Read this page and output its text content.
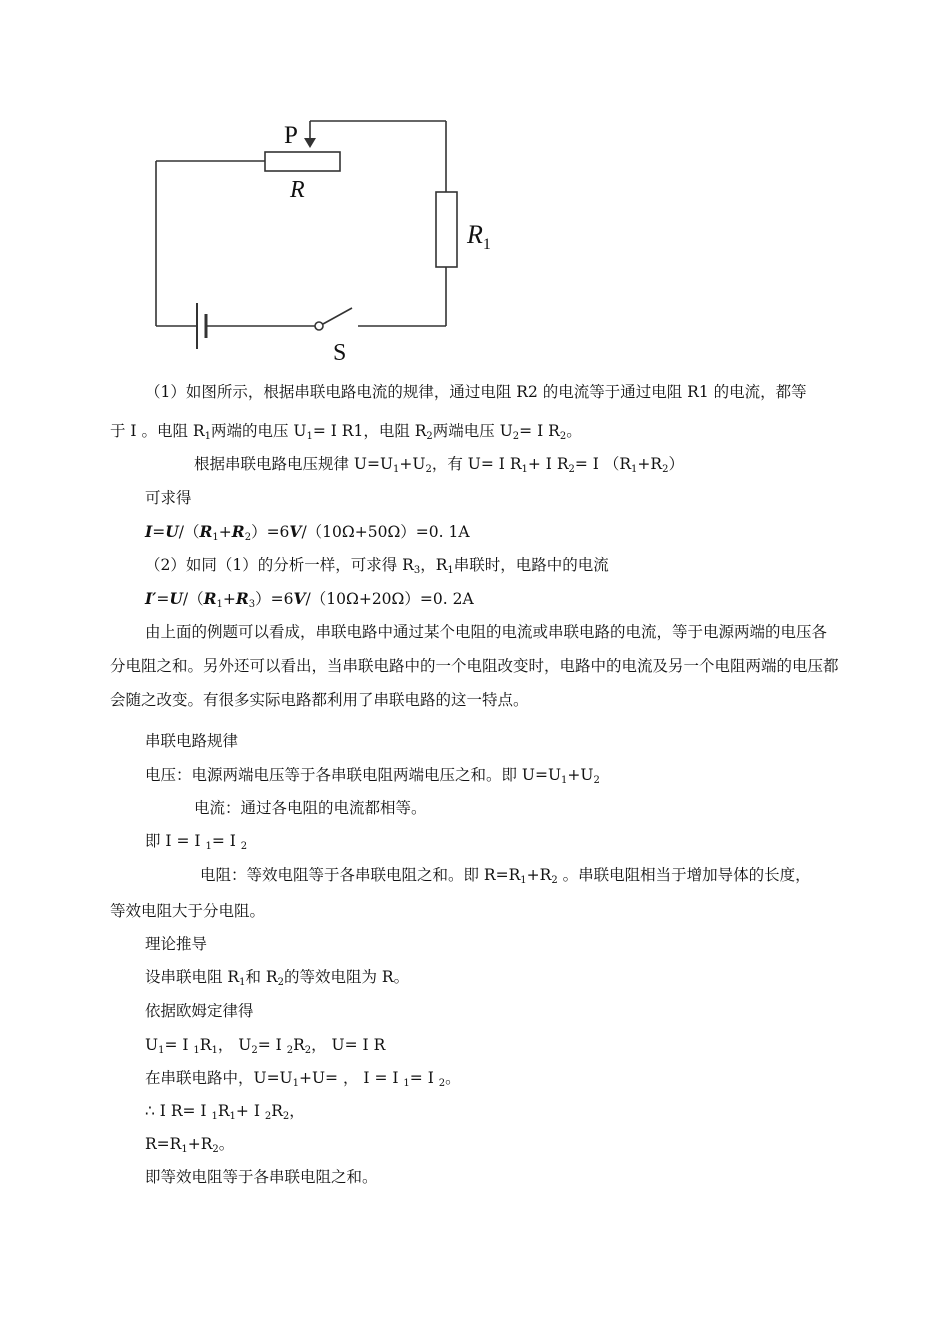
P
R
$R_1$
S
（1）如图所示，根据串联电路电流的规律，通过电阻 R2 的电流等于通过电阻 R1 的电流，都等
于 I 。电阻 $R_1$两端的电压 $U_1= I$ R1，电阻 $R_2$两端电压 $U_2= I$ $R_2$。
根据串联电路电压规律 $U=U_1+U_2$，有 U= I $R_1+ I$ $R_2= I$ $(R_1+R_2)$
可求得
$I=U/(R_1+R_2)=6V/(10\Omega+50\Omega)=0$. 1A
（2）如同（1）的分析一样，可求得 $R_3$，$R_1$串联时，电路中的电流
$I'=U/(R_1+R_3)=6V/(10\Omega+20\Omega)=0$. 2A
由上面的例题可以看成，串联电路中通过某个电阻的电流或串联电路的电流，等于电源两端的电压各分电阻之和。另外还可以看出，当串联电路中的一个电阻改变时，电路中的电流及另一个电阻两端的电压都会随之改变。有很多实际电路都利用了串联电路的这一特点。
串联电路规律
电压：电源两端电压等于各串联电阻两端电压之和。即 $U=U_1+U_2$
电流：通过各电阻的电流都相等。
即 I = I $_1$= I $_2$
电阻：等效电阻等于各串联电阻之和。即 $R=R_1+R_2$ 。串联电阻相当于增加导体的长度，
等效电阻大于分电阻。
理论推导
设串联电阻 $R_1$和 $R_2$的等效电阻为 R。
依据欧姆定律得
$U_1= I$ $_1R_1$， $U_2= I$ $_2R_2$， U= I R
在串联电路中，$U=U_1+U=$ ， I = I $_1$= I $_2$。
∴ I R= I $_1R_1+ I$ $_2R_2$，
$R=R_1+R_2$。
即等效电阻等于各串联电阻之和。
